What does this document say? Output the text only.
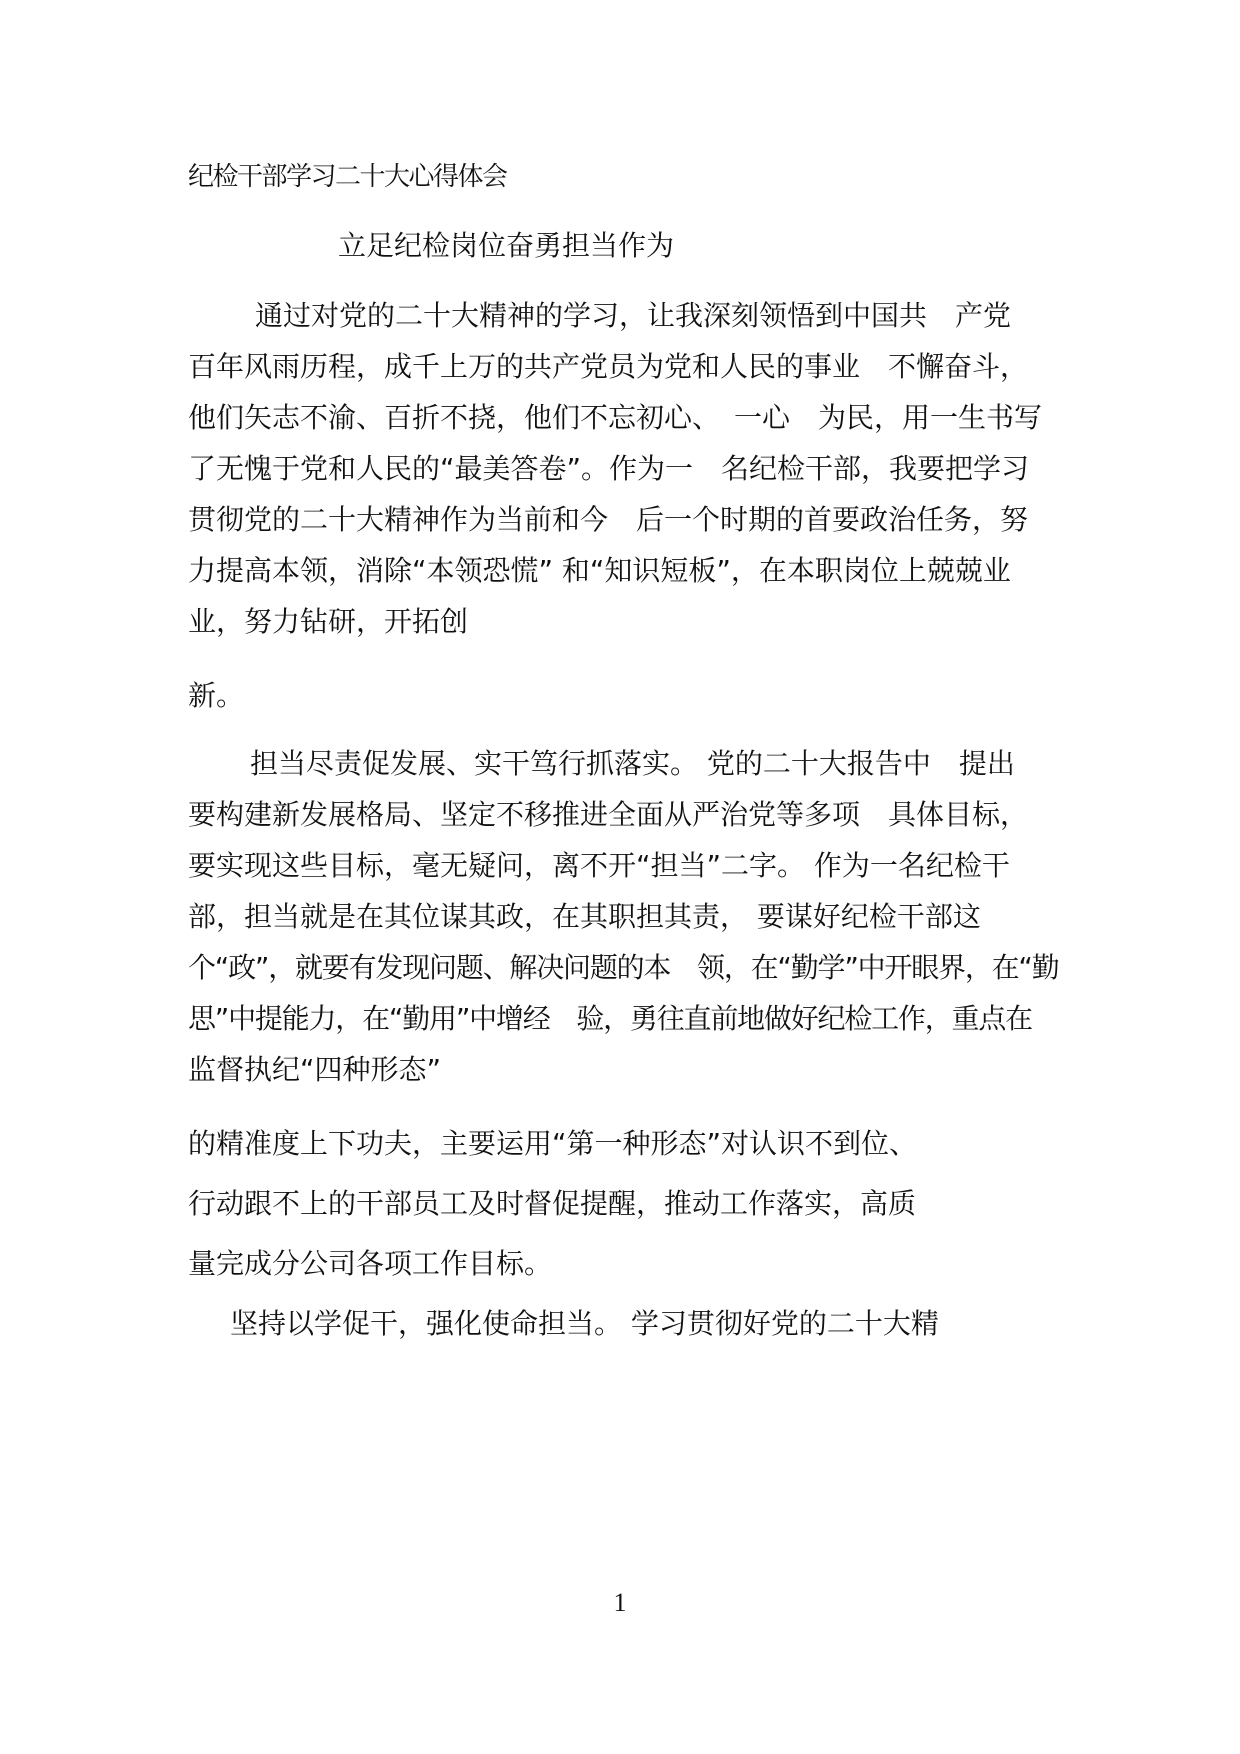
纪检干部学习二十大心得体会
立足纪检岗位奋勇担当作为
通过对党的二十大精神的学习，让我深刻领悟到中国共　产党
百年风雨历程，成千上万的共产党员为党和人民的事业　不懈奋斗，
他们矢志不渝、百折不挠，他们不忘初心、　一心　为民，用一生书写
了无愧于党和人民的“最美答卷”。作为一　名纪检干部，我要把学习
贯彻党的二十大精神作为当前和今　后一个时期的首要政治任务，努
力提高本领，消除“本领恐慌” 和“知识短板”，在本职岗位上兢兢业
业，努力钻研，开拓创
新。
担当尽责促发展、实干笃行抓落实。 党的二十大报告中　提出
要构建新发展格局、坚定不移推进全面从严治党等多项　具体目标，
要实现这些目标，毫无疑问，离不开“担当”二字。 作为一名纪检干
部，担当就是在其位谋其政，在其职担其责， 要谋好纪检干部这
个“政”，就要有发现问题、解决问题的本　领，在“勤学”中开眼界，在“勤
思”中提能力，在“勤用”中增经　验，勇往直前地做好纪检工作，重点在
监督执纪“四种形态”
的精准度上下功夫，主要运用“第一种形态”对认识不到位、
行动跟不上的干部员工及时督促提醒，推动工作落实，高质
量完成分公司各项工作目标。
坚持以学促干，强化使命担当。 学习贯彻好党的二十大精
1
